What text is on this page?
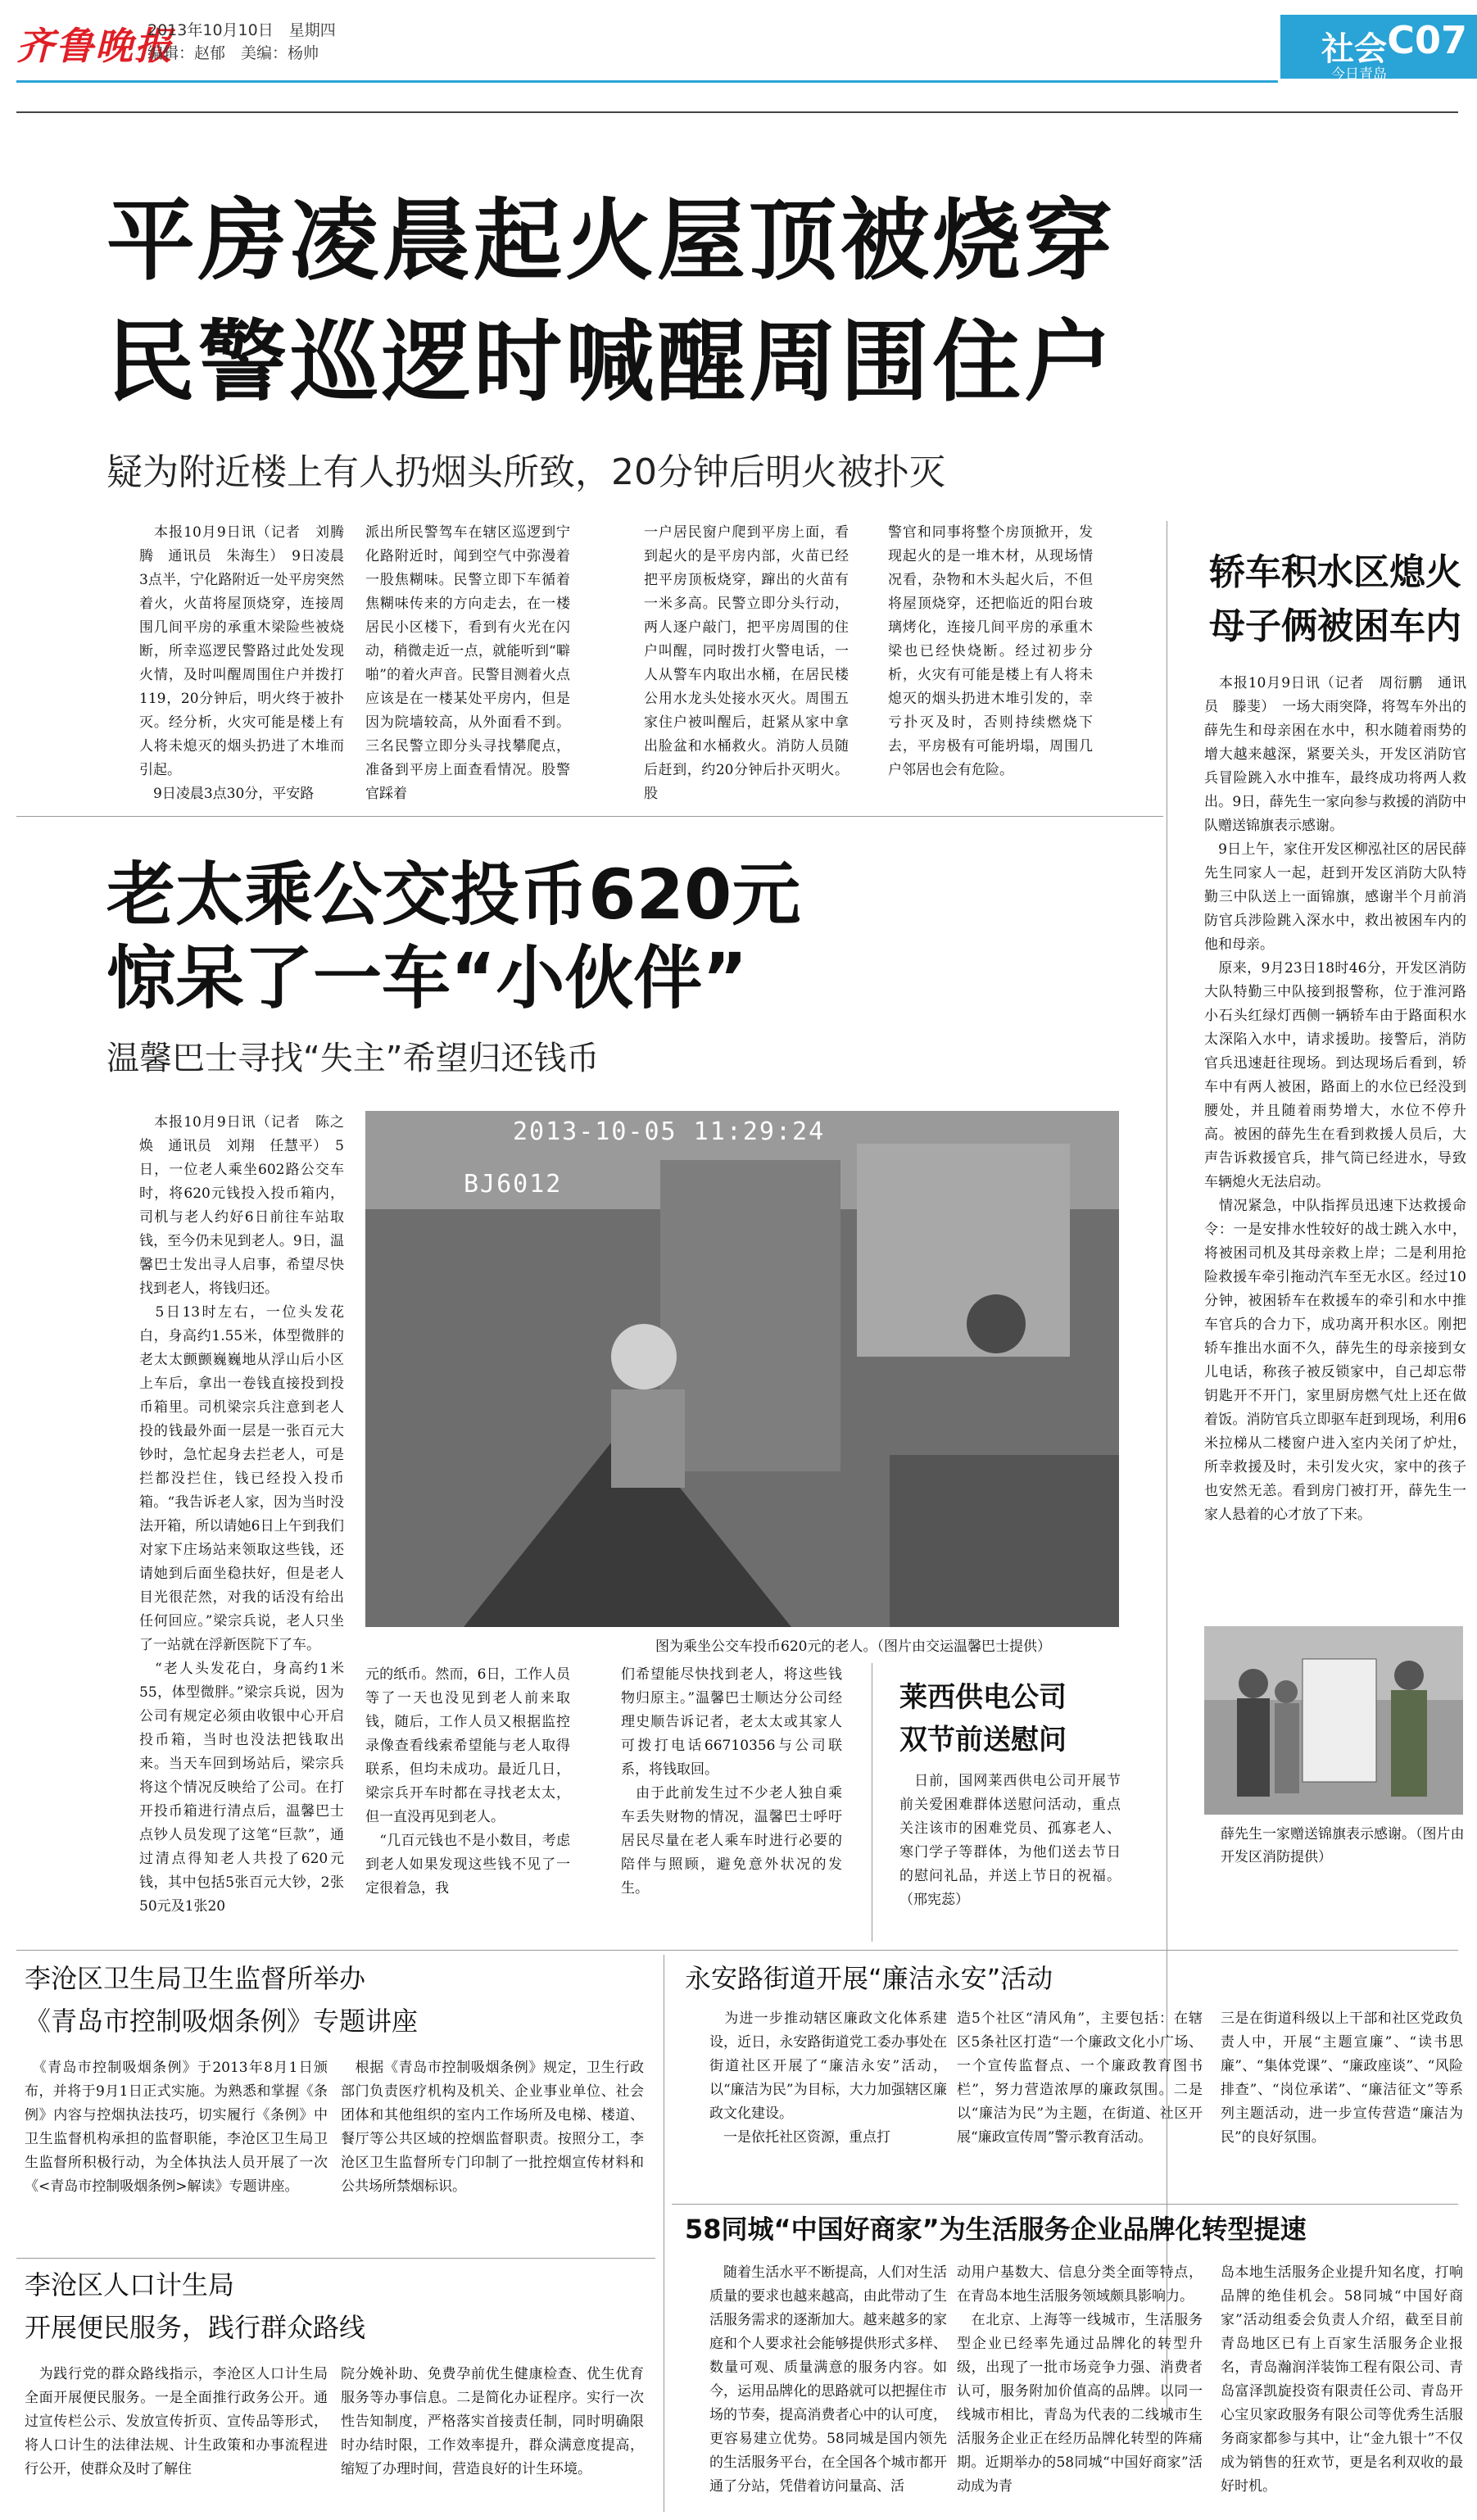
齐鲁晚报
2013年10月10日　星期四
编辑：赵郁　美编：杨帅	社会 C07
今日青岛
平房凌晨起火屋顶被烧穿
民警巡逻时喊醒周围住户
疑为附近楼上有人扔烟头所致，20分钟后明火被扑灭
　本报10月9日讯（记者　刘腾腾　通讯员　朱海生）　9日凌晨3点半，宁化路附近一处平房突然着火，火苗将屋顶烧穿，连接周围几间平房的承重木梁险些被烧断，所幸巡逻民警路过此处发现火情，及时叫醒周围住户并拨打119，20分钟后，明火终于被扑灭。经分析，火灾可能是楼上有人将未熄灭的烟头扔进了木堆而引起。
　9日凌晨3点30分，平安路
派出所民警驾车在辖区巡逻到宁化路附近时，闻到空气中弥漫着一股焦糊味。民警立即下车循着焦糊味传来的方向走去，在一楼居民小区楼下，看到有火光在闪动，稍微走近一点，就能听到“噼啪”的着火声音。民警目测着火点应该是在一楼某处平房内，但是因为院墙较高，从外面看不到。三名民警立即分头寻找攀爬点，准备到平房上面查看情况。股警官踩着
一户居民窗户爬到平房上面，看到起火的是平房内部，火苗已经把平房顶板烧穿，蹿出的火苗有一米多高。民警立即分头行动，两人逐户敲门，把平房周围的住户叫醒，同时拨打火警电话，一人从警车内取出水桶，在居民楼公用水龙头处接水灭火。周围五家住户被叫醒后，赶紧从家中拿出脸盆和水桶救火。消防人员随后赶到，约20分钟后扑灭明火。股
警官和同事将整个房顶掀开，发现起火的是一堆木材，从现场情况看，杂物和木头起火后，不但将屋顶烧穿，还把临近的阳台玻璃烤化，连接几间平房的承重木梁也已经快烧断。经过初步分析，火灾有可能是楼上有人将未熄灭的烟头扔进木堆引发的，幸亏扑灭及时，否则持续燃烧下去，平房极有可能坍塌，周围几户邻居也会有危险。
轿车积水区熄火
母子俩被困车内
　本报10月9日讯（记者　周衍鹏　通讯员　滕斐）　一场大雨突降，将驾车外出的薛先生和母亲困在水中，积水随着雨势的增大越来越深，紧要关头，开发区消防官兵冒险跳入水中推车，最终成功将两人救出。9日，薛先生一家向参与救援的消防中队赠送锦旗表示感谢。
　9日上午，家住开发区柳泓社区的居民薛先生同家人一起，赶到开发区消防大队特勤三中队送上一面锦旗，感谢半个月前消防官兵涉险跳入深水中，救出被困车内的他和母亲。
　原来，9月23日18时46分，开发区消防大队特勤三中队接到报警称，位于淮河路小石头红绿灯西侧一辆轿车由于路面积水太深陷入水中，请求援助。接警后，消防官兵迅速赶往现场。到达现场后看到，轿车中有两人被困，路面上的水位已经没到腰处，并且随着雨势增大，水位不停升高。被困的薛先生在看到救援人员后，大声告诉救援官兵，排气筒已经进水，导致车辆熄火无法启动。
　情况紧急，中队指挥员迅速下达救援命令：一是安排水性较好的战士跳入水中，将被困司机及其母亲救上岸；二是利用抢险救援车牵引拖动汽车至无水区。经过10分钟，被困轿车在救援车的牵引和水中推车官兵的合力下，成功离开积水区。刚把轿车推出水面不久，薛先生的母亲接到女儿电话，称孩子被反锁家中，自己却忘带钥匙开不开门，家里厨房燃气灶上还在做着饭。消防官兵立即驱车赶到现场，利用6米拉梯从二楼窗户进入室内关闭了炉灶，所幸救援及时，未引发火灾，家中的孩子也安然无恙。看到房门被打开，薛先生一家人悬着的心才放了下来。
薛先生一家赠送锦旗表示感谢。（图片由开发区消防提供）
老太乘公交投币620元
惊呆了一车“小伙伴”
温馨巴士寻找“失主”希望归还钱币
　本报10月9日讯（记者　陈之焕　通讯员　刘翔　任慧平）　5日，一位老人乘坐602路公交车时，将620元钱投入投币箱内，司机与老人约好6日前往车站取钱，至今仍未见到老人。9日，温馨巴士发出寻人启事，希望尽快找到老人，将钱归还。
　5日13时左右，一位头发花白，身高约1.55米，体型微胖的老太太颤颤巍巍地从浮山后小区上车后，拿出一卷钱直接投到投币箱里。司机梁宗兵注意到老人投的钱最外面一层是一张百元大钞时，急忙起身去拦老人，可是拦都没拦住，钱已经投入投币箱。“我告诉老人家，因为当时没法开箱，所以请她6日上午到我们对家下庄场站来领取这些钱，还请她到后面坐稳扶好，但是老人目光很茫然，对我的话没有给出任何回应。”梁宗兵说，老人只坐了一站就在浮新医院下了车。
　“老人头发花白，身高约1米55，体型微胖。”梁宗兵说，因为公司有规定必须由收银中心开启投币箱，当时也没法把钱取出来。当天车回到场站后，梁宗兵将这个情况反映给了公司。在打开投币箱进行清点后，温馨巴士点钞人员发现了这笔“巨款”，通过清点得知老人共投了620元钱，其中包括5张百元大钞，2张50元及1张20
2013-10-05 11:29:24
BJ6012
图为乘坐公交车投币620元的老人。（图片由交运温馨巴士提供）
元的纸币。然而，6日，工作人员等了一天也没见到老人前来取钱，随后，工作人员又根据监控录像查看线索希望能与老人取得联系，但均未成功。最近几日，梁宗兵开车时都在寻找老太太，但一直没再见到老人。
　“几百元钱也不是小数目，考虑到老人如果发现这些钱不见了一定很着急，我
们希望能尽快找到老人，将这些钱物归原主。”温馨巴士顺达分公司经理史顺告诉记者，老太太或其家人可拨打电话66710356与公司联系，将钱取回。
　由于此前发生过不少老人独自乘车丢失财物的情况，温馨巴士呼吁居民尽量在老人乘车时进行必要的陪伴与照顾，避免意外状况的发生。
莱西供电公司
双节前送慰问
　日前，国网莱西供电公司开展节前关爱困难群体送慰问活动，重点关注该市的困难党员、孤寡老人、寒门学子等群体，为他们送去节日的慰问礼品，并送上节日的祝福。（邢宪蕊）
李沧区卫生局卫生监督所举办
《青岛市控制吸烟条例》专题讲座
　《青岛市控制吸烟条例》于2013年8月1日颁布，并将于9月1日正式实施。为熟悉和掌握《条例》内容与控烟执法技巧，切实履行《条例》中卫生监督机构承担的监督职能，李沧区卫生局卫生监督所积极行动，为全体执法人员开展了一次《<青岛市控制吸烟条例>解读》专题讲座。
　根据《青岛市控制吸烟条例》规定，卫生行政部门负责医疗机构及机关、企业事业单位、社会团体和其他组织的室内工作场所及电梯、楼道、餐厅等公共区域的控烟监督职责。按照分工，李沧区卫生监督所专门印制了一批控烟宣传材料和公共场所禁烟标识。
李沧区人口计生局
开展便民服务，践行群众路线
　为践行党的群众路线指示，李沧区人口计生局全面开展便民服务。一是全面推行政务公开。通过宣传栏公示、发放宣传折页、宣传品等形式，将人口计生的法律法规、计生政策和办事流程进行公开，使群众及时了解住
院分娩补助、免费孕前优生健康检查、优生优育服务等办事信息。二是简化办证程序。实行一次性告知制度，严格落实首接责任制，同时明确限时办结时限，工作效率提升，群众满意度提高，缩短了办理时间，营造良好的计生环境。
永安路街道开展“廉洁永安”活动
　为进一步推动辖区廉政文化体系建设，近日，永安路街道党工委办事处在街道社区开展了“廉洁永安”活动，以“廉洁为民”为目标，大力加强辖区廉政文化建设。
　一是依托社区资源，重点打
造5个社区“清风角”，主要包括：在辖区5条社区打造“一个廉政文化小广场、一个宣传监督点、一个廉政教育图书栏”，努力营造浓厚的廉政氛围。二是以“廉洁为民”为主题，在街道、社区开展“廉政宣传周”警示教育活动。
三是在街道科级以上干部和社区党政负责人中，开展“主题宣廉”、“读书思廉”、“集体党课”、“廉政座谈”、“风险排查”、“岗位承诺”、“廉洁征文”等系列主题活动，进一步宣传营造“廉洁为民”的良好氛围。
58同城“中国好商家”为生活服务企业品牌化转型提速
　随着生活水平不断提高，人们对生活质量的要求也越来越高，由此带动了生活服务需求的逐渐加大。越来越多的家庭和个人要求社会能够提供形式多样、数量可观、质量满意的服务内容。如今，运用品牌化的思路就可以把握住市场的节奏，提高消费者心中的认可度，更容易建立优势。58同城是国内领先的生活服务平台，在全国各个城市都开通了分站，凭借着访问量高、活
动用户基数大、信息分类全面等特点，在青岛本地生活服务领域颇具影响力。
　在北京、上海等一线城市，生活服务型企业已经率先通过品牌化的转型升级，出现了一批市场竞争力强、消费者认可，服务附加价值高的品牌。以同一线城市相比，青岛为代表的二线城市生活服务企业正在经历品牌化转型的阵痛期。近期举办的58同城“中国好商家”活动成为青
岛本地生活服务企业提升知名度，打响品牌的绝佳机会。58同城“中国好商家”活动组委会负责人介绍，截至目前青岛地区已有上百家生活服务企业报名，青岛瀚润洋装饰工程有限公司、青岛富泽凯旋投资有限责任公司、青岛开心宝贝家政服务有限公司等优秀生活服务商家都参与其中，让“金九银十”不仅成为销售的狂欢节，更是名利双收的最好时机。
